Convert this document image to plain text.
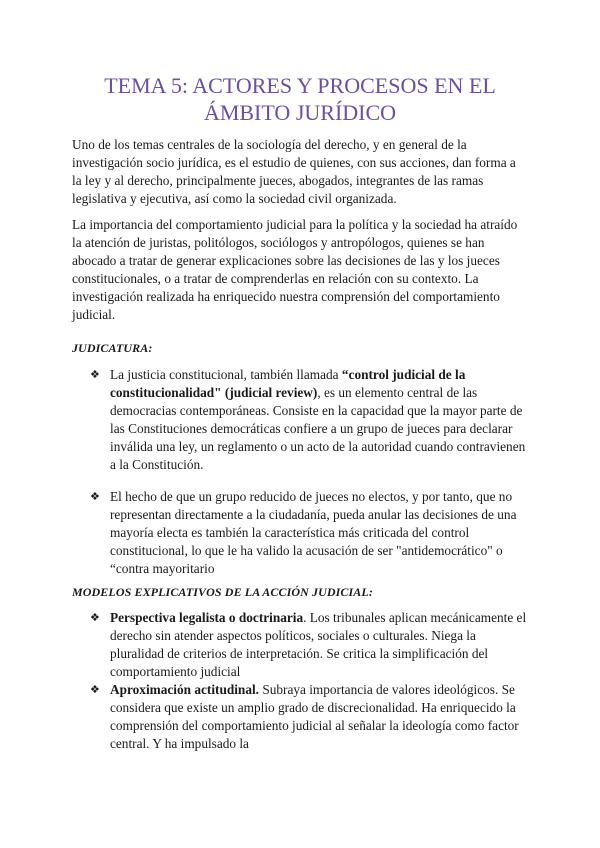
TEMA 5: ACTORES Y PROCESOS EN EL
ÁMBITO JURÍDICO

Uno de los temas centrales de la sociología del derecho, y en general de la investigación socio jurídica, es el estudio de quienes, con sus acciones, dan forma a la ley y al derecho, principalmente jueces, abogados, integrantes de las ramas legislativa y ejecutiva, así como la sociedad civil organizada.

La importancia del comportamiento judicial para la política y la sociedad ha atraído la atención de juristas, politólogos, sociólogos y antropólogos, quienes se han abocado a tratar de generar explicaciones sobre las decisiones de las y los jueces constitucionales, o a tratar de comprenderlas en relación con su contexto. La investigación realizada ha enriquecido nuestra comprensión del comportamiento judicial.

JUDICATURA:
❖ La justicia constitucional, también llamada “control judicial de la constitucionalidad" (judicial review), es un elemento central de las democracias contemporáneas. Consiste en la capacidad que la mayor parte de las Constituciones democráticas confiere a un grupo de jueces para declarar inválida una ley, un reglamento o un acto de la autoridad cuando contravienen a la Constitución.
❖ El hecho de que un grupo reducido de jueces no electos, y por tanto, que no representan directamente a la ciudadanía, pueda anular las decisiones de una mayoría electa es también la característica más criticada del control constitucional, lo que le ha valido la acusación de ser "antidemocrático" o “contra mayoritario
MODELOS EXPLICATIVOS DE LA ACCIÓN JUDICIAL:
❖ Perspectiva legalista o doctrinaria. Los tribunales aplican mecánicamente el derecho sin atender aspectos políticos, sociales o culturales. Niega la pluralidad de criterios de interpretación. Se critica la simplificación del comportamiento judicial
❖ Aproximación actitudinal. Subraya importancia de valores ideológicos. Se considera que existe un amplio grado de discrecionalidad. Ha enriquecido la comprensión del comportamiento judicial al señalar la ideología como factor central. Y ha impulsado la
